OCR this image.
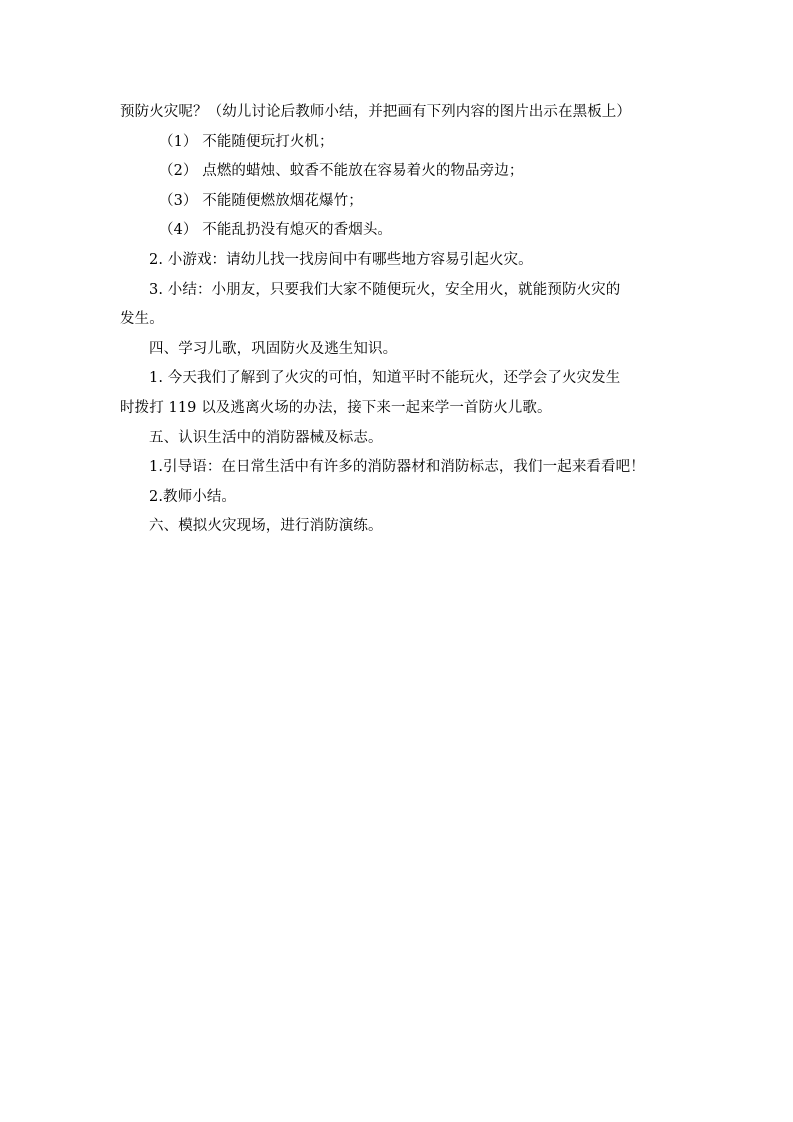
预防火灾呢？（幼儿讨论后教师小结，并把画有下列内容的图片出示在黑板上）
（1） 不能随便玩打火机；
（2） 点燃的蜡烛、蚊香不能放在容易着火的物品旁边；
（3） 不能随便燃放烟花爆竹；
（4） 不能乱扔没有熄灭的香烟头。
2. 小游戏：请幼儿找一找房间中有哪些地方容易引起火灾。
3. 小结：小朋友，只要我们大家不随便玩火，安全用火，就能预防火灾的
发生。
四、学习儿歌，巩固防火及逃生知识。
1. 今天我们了解到了火灾的可怕，知道平时不能玩火，还学会了火灾发生
时拨打 119 以及逃离火场的办法，接下来一起来学一首防火儿歌。
五、认识生活中的消防器械及标志。
1.引导语：在日常生活中有许多的消防器材和消防标志，我们一起来看看吧！
2.教师小结。
六、模拟火灾现场，进行消防演练。
